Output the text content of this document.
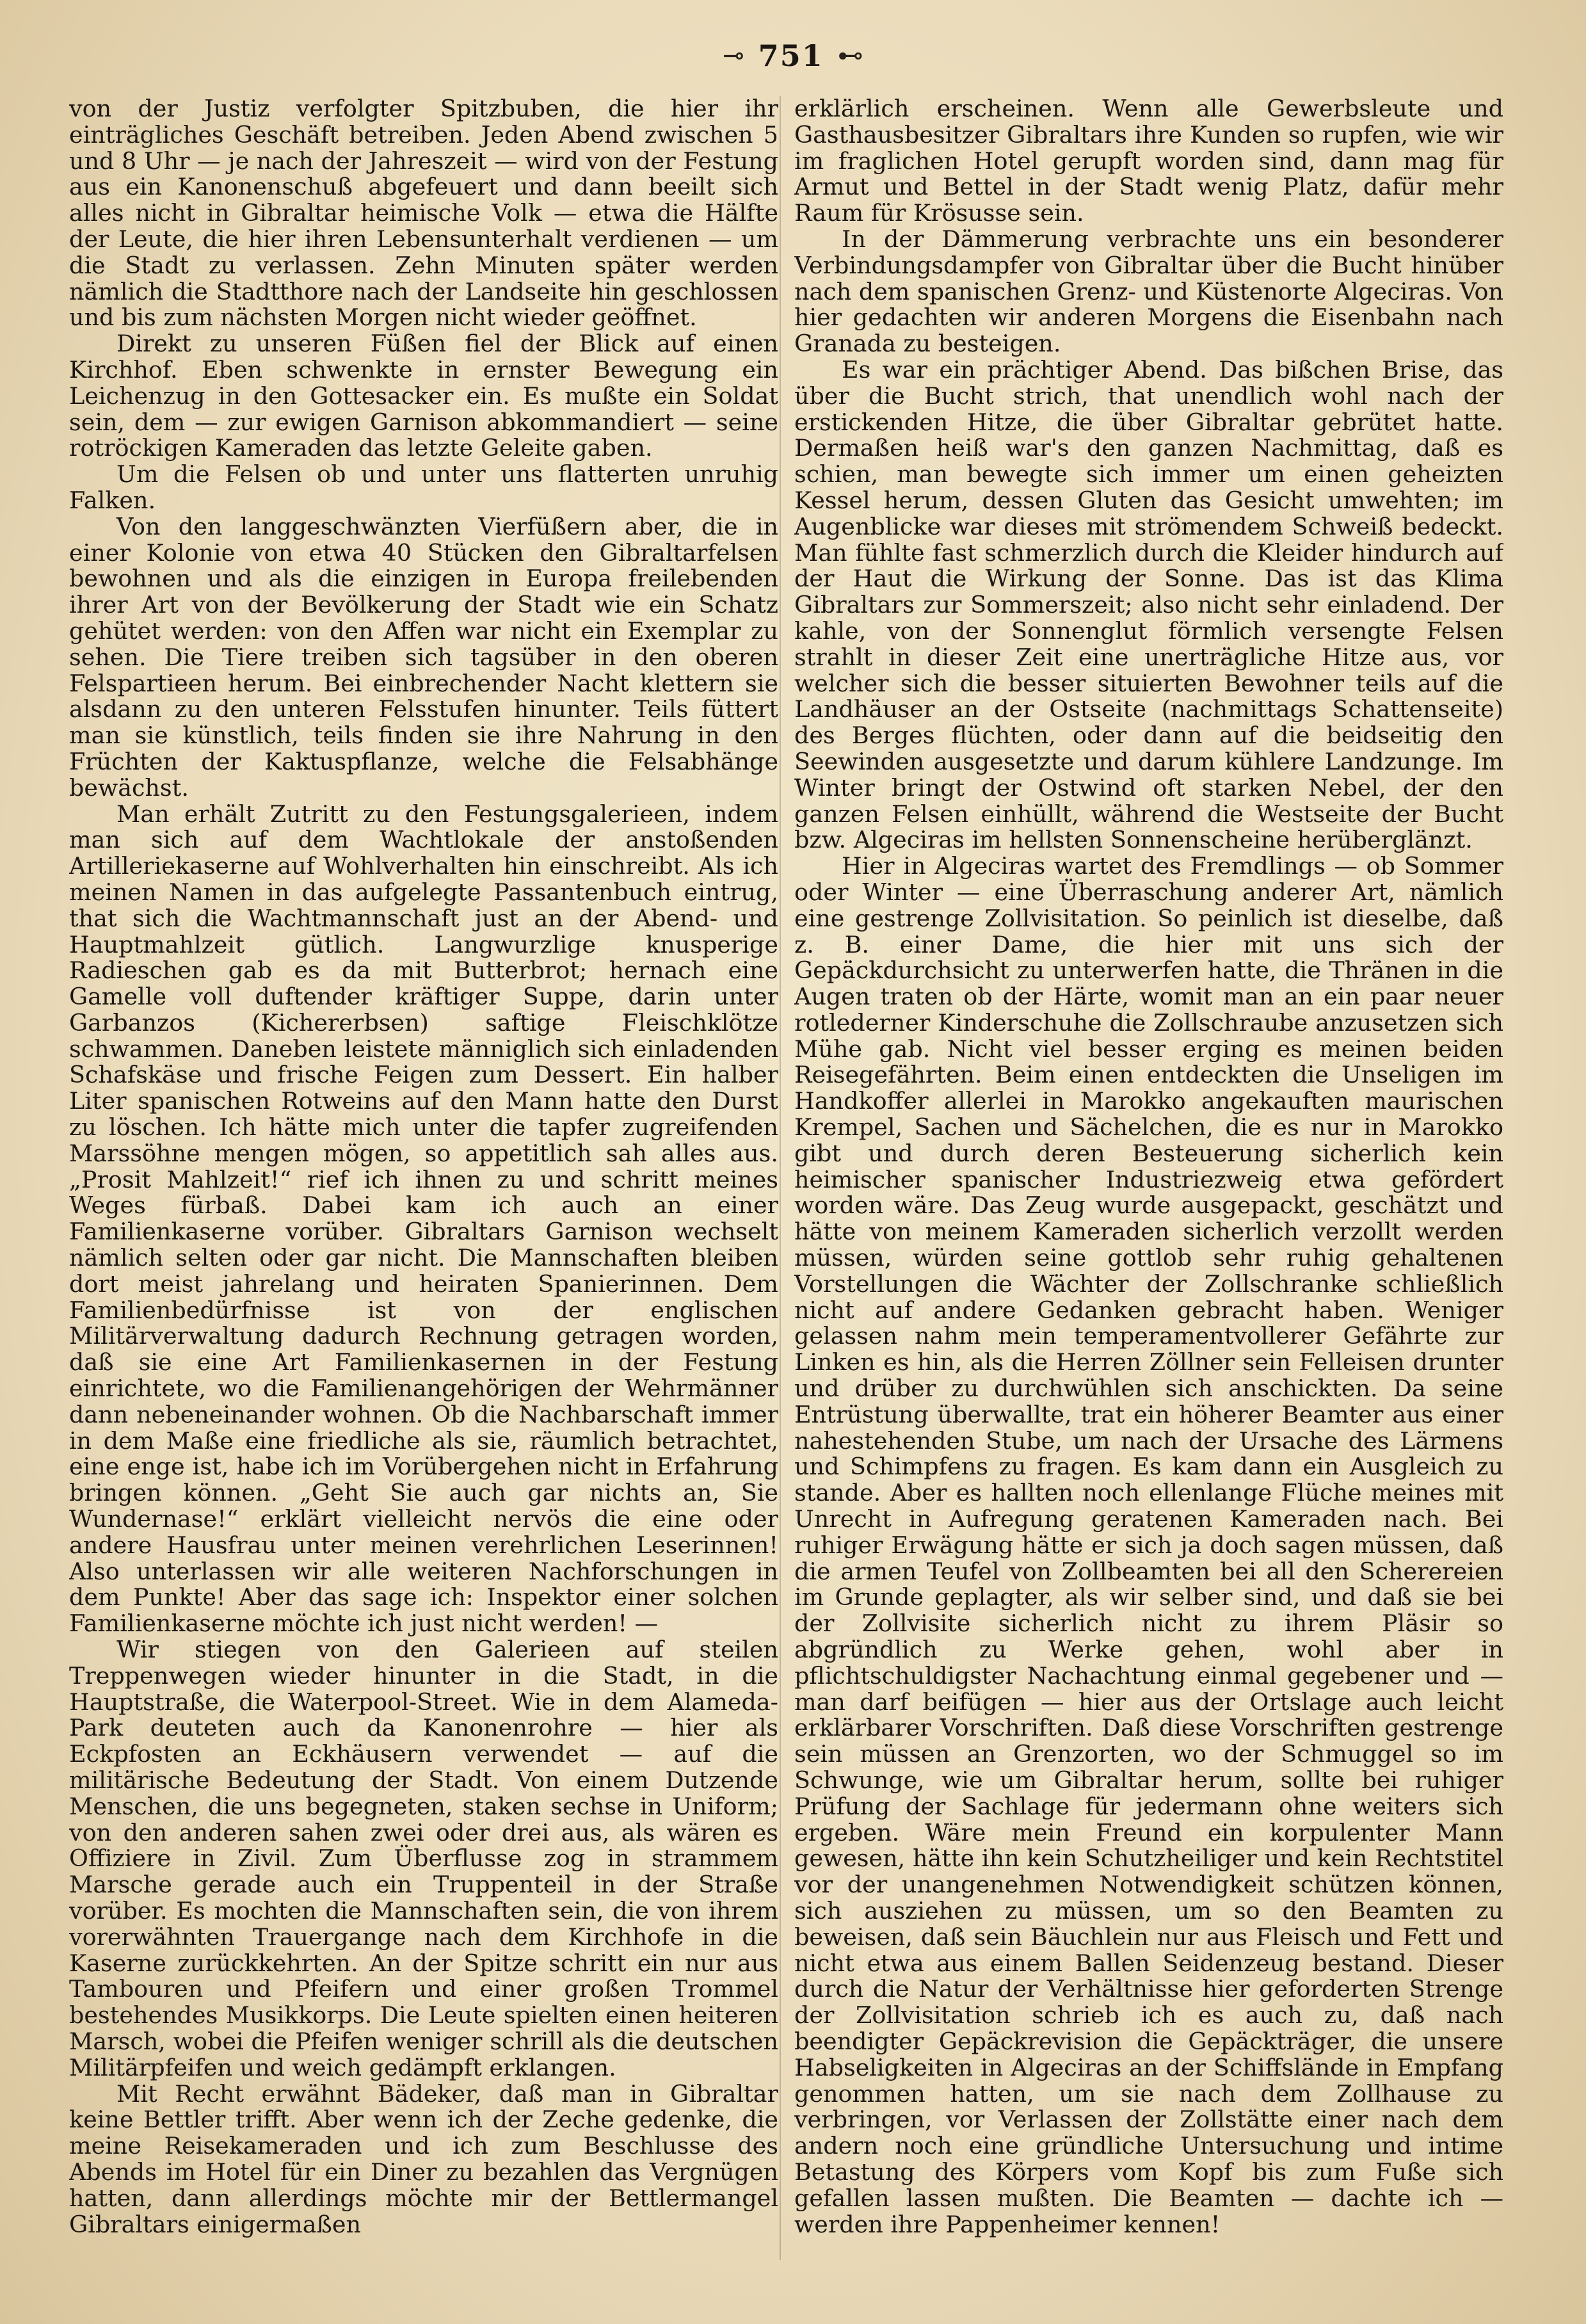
⊸ 751 ⊷

von der Justiz verfolgter Spitzbuben, die hier ihr einträgliches Geschäft betreiben. Jeden Abend zwischen 5 und 8 Uhr — je nach der Jahreszeit — wird von der Festung aus ein Kanonenschuß abgefeuert und dann beeilt sich alles nicht in Gibraltar heimische Volk — etwa die Hälfte der Leute, die hier ihren Lebensunterhalt verdienen — um die Stadt zu verlassen. Zehn Minuten später werden nämlich die Stadtthore nach der Landseite hin geschlossen und bis zum nächsten Morgen nicht wieder geöffnet.

Direkt zu unseren Füßen fiel der Blick auf einen Kirchhof. Eben schwenkte in ernster Bewegung ein Leichenzug in den Gottesacker ein. Es mußte ein Soldat sein, dem — zur ewigen Garnison abkommandiert — seine rotröckigen Kameraden das letzte Geleite gaben.

Um die Felsen ob und unter uns flatterten unruhig Falken.

Von den langgeschwänzten Vierfüßern aber, die in einer Kolonie von etwa 40 Stücken den Gibraltarfelsen bewohnen und als die einzigen in Europa freilebenden ihrer Art von der Bevölkerung der Stadt wie ein Schatz gehütet werden: von den Affen war nicht ein Exemplar zu sehen. Die Tiere treiben sich tagsüber in den oberen Felspartieen herum. Bei einbrechender Nacht klettern sie alsdann zu den unteren Felsstufen hinunter. Teils füttert man sie künstlich, teils finden sie ihre Nahrung in den Früchten der Kaktuspflanze, welche die Felsabhänge bewächst.

Man erhält Zutritt zu den Festungsgalerieen, indem man sich auf dem Wachtlokale der anstoßenden Artilleriekaserne auf Wohlverhalten hin einschreibt. Als ich meinen Namen in das aufgelegte Passantenbuch eintrug, that sich die Wachtmannschaft just an der Abend- und Hauptmahlzeit gütlich. Langwurzlige knusperige Radieschen gab es da mit Butterbrot; hernach eine Gamelle voll duftender kräftiger Suppe, darin unter Garbanzos (Kichererbsen) saftige Fleischklötze schwammen. Daneben leistete männiglich sich einladenden Schafskäse und frische Feigen zum Dessert. Ein halber Liter spanischen Rotweins auf den Mann hatte den Durst zu löschen. Ich hätte mich unter die tapfer zugreifenden Marssöhne mengen mögen, so appetitlich sah alles aus. „Prosit Mahlzeit!“ rief ich ihnen zu und schritt meines Weges fürbaß. Dabei kam ich auch an einer Familienkaserne vorüber. Gibraltars Garnison wechselt nämlich selten oder gar nicht. Die Mannschaften bleiben dort meist jahrelang und heiraten Spanierinnen. Dem Familienbedürfnisse ist von der englischen Militärverwaltung dadurch Rechnung getragen worden, daß sie eine Art Familienkasernen in der Festung einrichtete, wo die Familienangehörigen der Wehrmänner dann nebeneinander wohnen. Ob die Nachbarschaft immer in dem Maße eine friedliche als sie, räumlich betrachtet, eine enge ist, habe ich im Vorübergehen nicht in Erfahrung bringen können. „Geht Sie auch gar nichts an, Sie Wundernase!“ erklärt vielleicht nervös die eine oder andere Hausfrau unter meinen verehrlichen Leserinnen! Also unterlassen wir alle weiteren Nachforschungen in dem Punkte! Aber das sage ich: Inspektor einer solchen Familienkaserne möchte ich just nicht werden! —

Wir stiegen von den Galerieen auf steilen Treppenwegen wieder hinunter in die Stadt, in die Hauptstraße, die Waterpool-Street. Wie in dem Alameda-Park deuteten auch da Kanonenrohre — hier als Eckpfosten an Eckhäusern verwendet — auf die militärische Bedeutung der Stadt. Von einem Dutzende Menschen, die uns begegneten, staken sechse in Uniform; von den anderen sahen zwei oder drei aus, als wären es Offiziere in Zivil. Zum Überflusse zog in strammem Marsche gerade auch ein Truppenteil in der Straße vorüber. Es mochten die Mannschaften sein, die von ihrem vorerwähnten Trauergange nach dem Kirchhofe in die Kaserne zurückkehrten. An der Spitze schritt ein nur aus Tambouren und Pfeifern und einer großen Trommel bestehendes Musikkorps. Die Leute spielten einen heiteren Marsch, wobei die Pfeifen weniger schrill als die deutschen Militärpfeifen und weich gedämpft erklangen.

Mit Recht erwähnt Bädeker, daß man in Gibraltar keine Bettler trifft. Aber wenn ich der Zeche gedenke, die meine Reisekameraden und ich zum Beschlusse des Abends im Hotel für ein Diner zu bezahlen das Vergnügen hatten, dann allerdings möchte mir der Bettlermangel Gibraltars einigermaßen

erklärlich erscheinen. Wenn alle Gewerbsleute und Gasthausbesitzer Gibraltars ihre Kunden so rupfen, wie wir im fraglichen Hotel gerupft worden sind, dann mag für Armut und Bettel in der Stadt wenig Platz, dafür mehr Raum für Krösusse sein.

In der Dämmerung verbrachte uns ein besonderer Verbindungsdampfer von Gibraltar über die Bucht hinüber nach dem spanischen Grenz- und Küstenorte Algeciras. Von hier gedachten wir anderen Morgens die Eisenbahn nach Granada zu besteigen.

Es war ein prächtiger Abend. Das bißchen Brise, das über die Bucht strich, that unendlich wohl nach der erstickenden Hitze, die über Gibraltar gebrütet hatte. Dermaßen heiß war's den ganzen Nachmittag, daß es schien, man bewegte sich immer um einen geheizten Kessel herum, dessen Gluten das Gesicht umwehten; im Augenblicke war dieses mit strömendem Schweiß bedeckt. Man fühlte fast schmerzlich durch die Kleider hindurch auf der Haut die Wirkung der Sonne. Das ist das Klima Gibraltars zur Sommerszeit; also nicht sehr einladend. Der kahle, von der Sonnenglut förmlich versengte Felsen strahlt in dieser Zeit eine unerträgliche Hitze aus, vor welcher sich die besser situierten Bewohner teils auf die Landhäuser an der Ostseite (nachmittags Schattenseite) des Berges flüchten, oder dann auf die beidseitig den Seewinden ausgesetzte und darum kühlere Landzunge. Im Winter bringt der Ostwind oft starken Nebel, der den ganzen Felsen einhüllt, während die Westseite der Bucht bzw. Algeciras im hellsten Sonnenscheine herüberglänzt.

Hier in Algeciras wartet des Fremdlings — ob Sommer oder Winter — eine Überraschung anderer Art, nämlich eine gestrenge Zollvisitation. So peinlich ist dieselbe, daß z. B. einer Dame, die hier mit uns sich der Gepäckdurchsicht zu unterwerfen hatte, die Thränen in die Augen traten ob der Härte, womit man an ein paar neuer rotlederner Kinderschuhe die Zollschraube anzusetzen sich Mühe gab. Nicht viel besser erging es meinen beiden Reisegefährten. Beim einen entdeckten die Unseligen im Handkoffer allerlei in Marokko angekauften maurischen Krempel, Sachen und Sächelchen, die es nur in Marokko gibt und durch deren Besteuerung sicherlich kein heimischer spanischer Industriezweig etwa gefördert worden wäre. Das Zeug wurde ausgepackt, geschätzt und hätte von meinem Kameraden sicherlich verzollt werden müssen, würden seine gottlob sehr ruhig gehaltenen Vorstellungen die Wächter der Zollschranke schließlich nicht auf andere Gedanken gebracht haben. Weniger gelassen nahm mein temperamentvollerer Gefährte zur Linken es hin, als die Herren Zöllner sein Felleisen drunter und drüber zu durchwühlen sich anschickten. Da seine Entrüstung überwallte, trat ein höherer Beamter aus einer nahestehenden Stube, um nach der Ursache des Lärmens und Schimpfens zu fragen. Es kam dann ein Ausgleich zu stande. Aber es hallten noch ellenlange Flüche meines mit Unrecht in Aufregung geratenen Kameraden nach. Bei ruhiger Erwägung hätte er sich ja doch sagen müssen, daß die armen Teufel von Zollbeamten bei all den Scherereien im Grunde geplagter, als wir selber sind, und daß sie bei der Zollvisite sicherlich nicht zu ihrem Pläsir so abgründlich zu Werke gehen, wohl aber in pflichtschuldigster Nachachtung einmal gegebener und — man darf beifügen — hier aus der Ortslage auch leicht erklärbarer Vorschriften. Daß diese Vorschriften gestrenge sein müssen an Grenzorten, wo der Schmuggel so im Schwunge, wie um Gibraltar herum, sollte bei ruhiger Prüfung der Sachlage für jedermann ohne weiters sich ergeben. Wäre mein Freund ein korpulenter Mann gewesen, hätte ihn kein Schutzheiliger und kein Rechtstitel vor der unangenehmen Notwendigkeit schützen können, sich ausziehen zu müssen, um so den Beamten zu beweisen, daß sein Bäuchlein nur aus Fleisch und Fett und nicht etwa aus einem Ballen Seidenzeug bestand. Dieser durch die Natur der Verhältnisse hier geforderten Strenge der Zollvisitation schrieb ich es auch zu, daß nach beendigter Gepäckrevision die Gepäckträger, die unsere Habseligkeiten in Algeciras an der Schiffslände in Empfang genommen hatten, um sie nach dem Zollhause zu verbringen, vor Verlassen der Zollstätte einer nach dem andern noch eine gründliche Untersuchung und intime Betastung des Körpers vom Kopf bis zum Fuße sich gefallen lassen mußten. Die Beamten — dachte ich — werden ihre Pappenheimer kennen!
